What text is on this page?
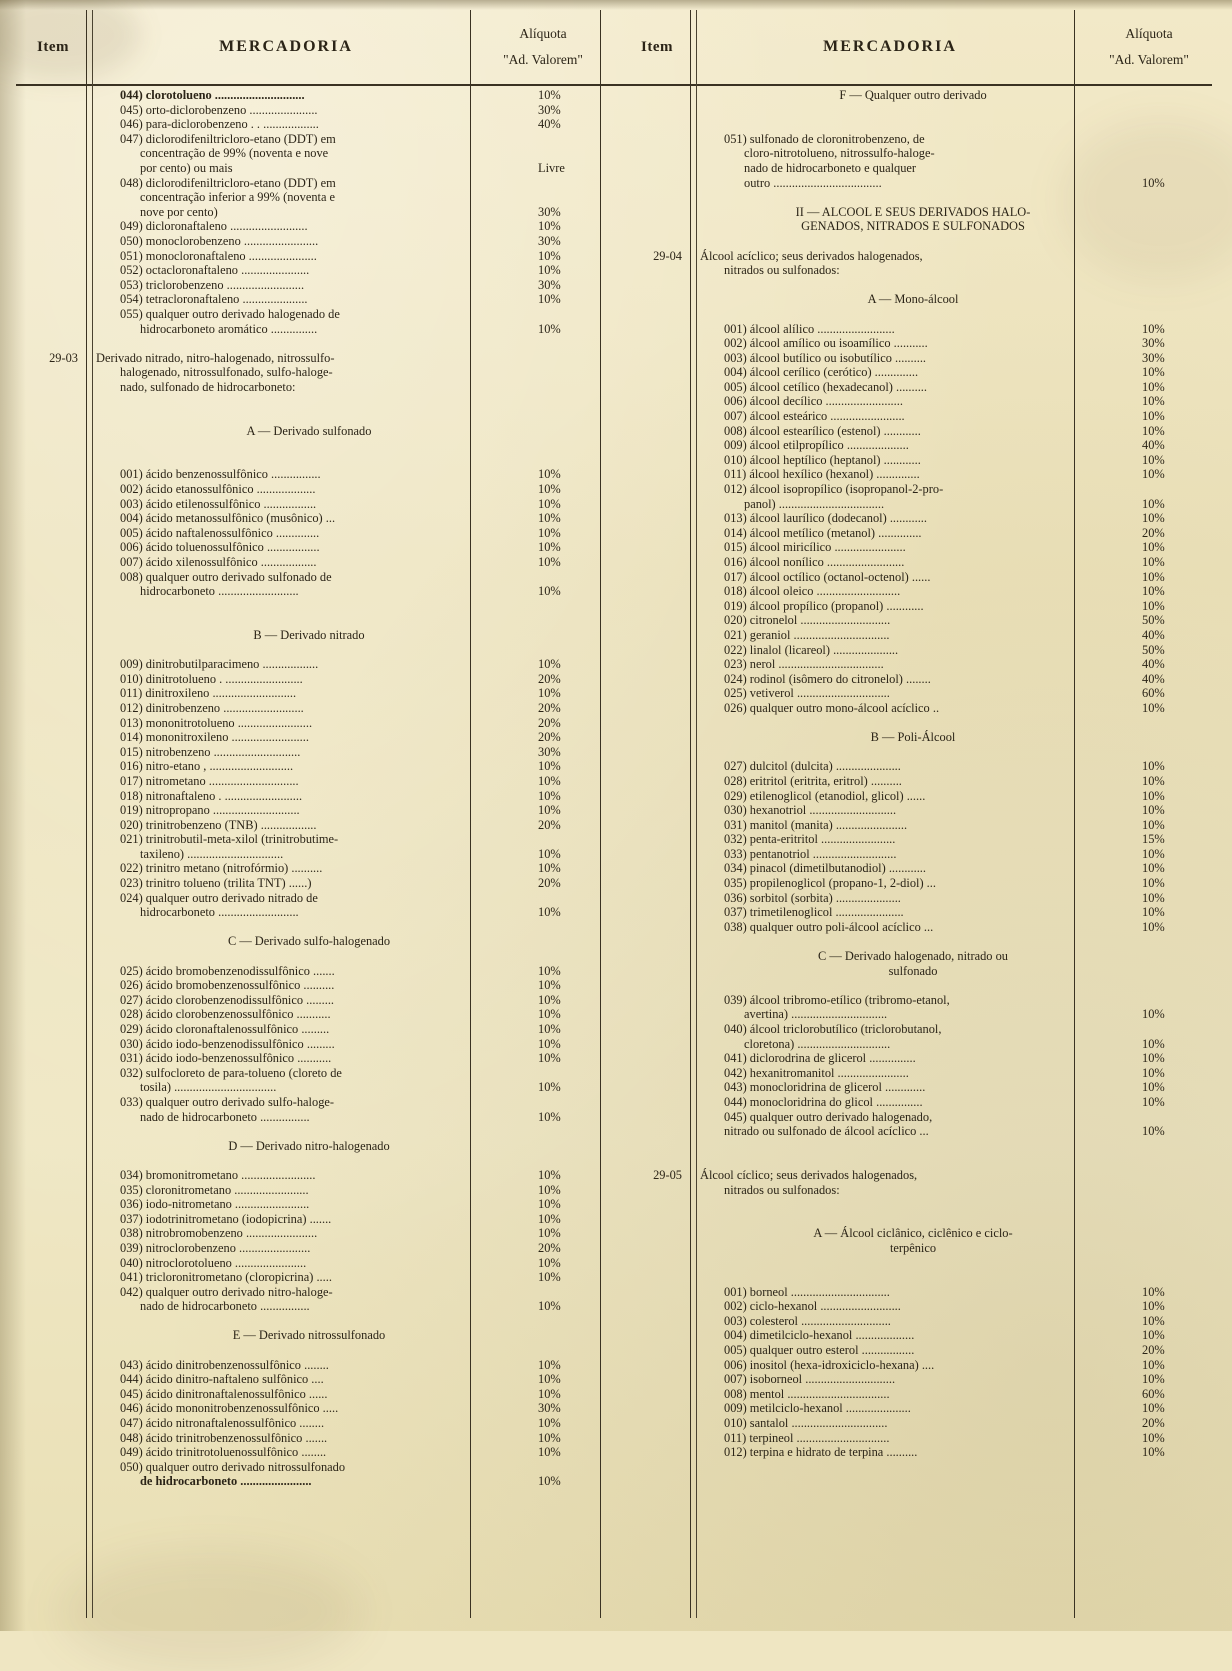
Item	MERCADORIA
Alíquota
"Ad. Valorem"
Item	MERCADORIA
Alíquota
"Ad. Valorem"
044) clorotolueno .............................	10%
045) orto-diclorobenzeno ......................	30%
046) para-diclorobenzeno . . ..................	40%
047) diclorodifeniltricloro-etano (DDT) em
concentração de 99% (noventa e nove
por cento) ou mais	Livre
048) diclorodifeniltricloro-etano (DDT) em
concentração inferior a 99% (noventa e
nove por cento)	30%
049) dicloronaftaleno .........................	10%
050) monoclorobenzeno ........................	30%
051) monocloronaftaleno ......................	10%
052) octacloronaftaleno ......................	10%
053) triclorobenzeno .........................	30%
054) tetracloronaftaleno .....................	10%
055) qualquer outro derivado halogenado de
hidrocarboneto aromático ...............	10%
29-03	Derivado nitrado, nitro-halogenado, nitrossulfo-
halogenado, nitrossulfonado, sulfo-haloge-
nado, sulfonado de hidrocarboneto:
A — Derivado sulfonado
001) ácido benzenossulfônico ................	10%
002) ácido etanossulfônico ...................	10%
003) ácido etilenossulfônico .................	10%
004) ácido metanossulfônico (musônico) ...	10%
005) ácido naftalenossulfônico ..............	10%
006) ácido toluenossulfônico .................	10%
007) ácido xilenossulfônico ..................	10%
008) qualquer outro derivado sulfonado de
hidrocarboneto ..........................	10%
B — Derivado nitrado
009) dinitrobutilparacimeno ..................	10%
010) dinitrotolueno . .........................	20%
011) dinitroxileno ...........................	10%
012) dinitrobenzeno ..........................	20%
013) mononitrotolueno ........................	20%
014) mononitroxileno .........................	20%
015) nitrobenzeno ............................	30%
016) nitro-etano , ...........................	10%
017) nitrometano .............................	10%
018) nitronaftaleno . .........................	10%
019) nitropropano ............................	10%
020) trinitrobenzeno (TNB) ..................	20%
021) trinitrobutil-meta-xilol (trinitrobutime-
taxileno) ...............................	10%
022) trinitro metano (nitrofórmio) ..........	10%
023) trinitro tolueno (trilita TNT) ......)	20%
024) qualquer outro derivado nitrado de
hidrocarboneto ..........................	10%
C — Derivado sulfo-halogenado
025) ácido bromobenzenodissulfônico .......	10%
026) ácido bromobenzenossulfônico ..........	10%
027) ácido clorobenzenodissulfônico .........	10%
028) ácido clorobenzenossulfônico ...........	10%
029) ácido cloronaftalenossulfônico .........	10%
030) ácido iodo-benzenodissulfônico .........	10%
031) ácido iodo-benzenossulfônico ...........	10%
032) sulfocloreto de para-tolueno (cloreto de
tosila) .................................	10%
033) qualquer outro derivado sulfo-haloge-
nado de hidrocarboneto ................	10%
D — Derivado nitro-halogenado
034) bromonitrometano ........................	10%
035) cloronitrometano ........................	10%
036) iodo-nitrometano ........................	10%
037) iodotrinitrometano (iodopicrina) .......	10%
038) nitrobromobenzeno .......................	10%
039) nitroclorobenzeno .......................	20%
040) nitroclorotolueno .......................	10%
041) tricloronitrometano (cloropicrina) .....	10%
042) qualquer outro derivado nitro-haloge-
nado de hidrocarboneto ................	10%
E — Derivado nitrossulfonado
043) ácido dinitrobenzenossulfônico ........	10%
044) ácido dinitro-naftaleno sulfônico ....	10%
045) ácido dinitronaftalenossulfônico ......	10%
046) ácido mononitrobenzenossulfônico .....	30%
047) ácido nitronaftalenossulfônico ........	10%
048) ácido trinitrobenzenossulfônico .......	10%
049) ácido trinitrotoluenossulfônico ........	10%
050) qualquer outro derivado nitrossulfonado
de hidrocarboneto .......................	10%
F — Qualquer outro derivado
051) sulfonado de cloronitrobenzeno, de
cloro-nitrotolueno, nitrossulfo-haloge-
nado de hidrocarboneto e qualquer
outro ...................................	10%
II — ALCOOL E SEUS DERIVADOS HALO-
GENADOS, NITRADOS E SULFONADOS
29-04	Álcool acíclico; seus derivados halogenados,
nitrados ou sulfonados:
A — Mono-álcool
001) álcool alílico .........................	10%
002) álcool amílico ou isoamílico ...........	30%
003) álcool butílico ou isobutílico ..........	30%
004) álcool cerílico (cerótico) ..............	10%
005) álcool cetílico (hexadecanol) ..........	10%
006) álcool decílico .........................	10%
007) álcool esteárico ........................	10%
008) álcool estearílico (estenol) ............	10%
009) álcool etilpropílico ....................	40%
010) álcool heptílico (heptanol) ............	10%
011) álcool hexílico (hexanol) ..............	10%
012) álcool isopropílico (isopropanol-2-pro-
panol) ..................................	10%
013) álcool laurílico (dodecanol) ............	10%
014) álcool metílico (metanol) ..............	20%
015) álcool miricílico .......................	10%
016) álcool nonílico .........................	10%
017) álcool octílico (octanol-octenol) ......	10%
018) álcool oleico ...........................	10%
019) álcool propílico (propanol) ............	10%
020) citronelol .............................	50%
021) geraniol ...............................	40%
022) linalol (licareol) .....................	50%
023) nerol ..................................	40%
024) rodinol (isômero do citronelol) ........	40%
025) vetiverol ..............................	60%
026) qualquer outro mono-álcool acíclico ..	10%
B — Poli-Álcool
027) dulcitol (dulcita) .....................	10%
028) eritritol (eritrita, eritrol) ..........	10%
029) etilenoglicol (etanodiol, glicol) ......	10%
030) hexanotriol ............................	10%
031) manitol (manita) .......................	10%
032) penta-eritritol ........................	15%
033) pentanotriol ...........................	10%
034) pinacol (dimetilbutanodiol) ............	10%
035) propilenoglicol (propano-1, 2-diol) ...	10%
036) sorbitol (sorbita) .....................	10%
037) trimetilenoglicol ......................	10%
038) qualquer outro poli-álcool acíclico ...	10%
C — Derivado halogenado, nitrado ou
sulfonado
039) álcool tribromo-etílico (tribromo-etanol,
avertina) ...............................	10%
040) álcool triclorobutílico (triclorobutanol,
cloretona) ..............................	10%
041) diclorodrina de glicerol ...............	10%
042) hexanitromanitol .......................	10%
043) monocloridrina de glicerol .............	10%
044) monocloridrina do glicol ...............	10%
045) qualquer outro derivado halogenado,
nitrado ou sulfonado de álcool acíclico ...	10%
29-05	Álcool cíclico; seus derivados halogenados,
nitrados ou sulfonados:
A — Álcool ciclânico, ciclênico e ciclo-
terpênico
001) borneol ................................	10%
002) ciclo-hexanol ..........................	10%
003) colesterol .............................	10%
004) dimetilciclo-hexanol ...................	10%
005) qualquer outro esterol .................	20%
006) inositol (hexa-idroxiciclo-hexana) ....	10%
007) isoborneol .............................	10%
008) mentol .................................	60%
009) metilciclo-hexanol .....................	10%
010) santalol ...............................	20%
011) terpineol ..............................	10%
012) terpina e hidrato de terpina ..........	10%
